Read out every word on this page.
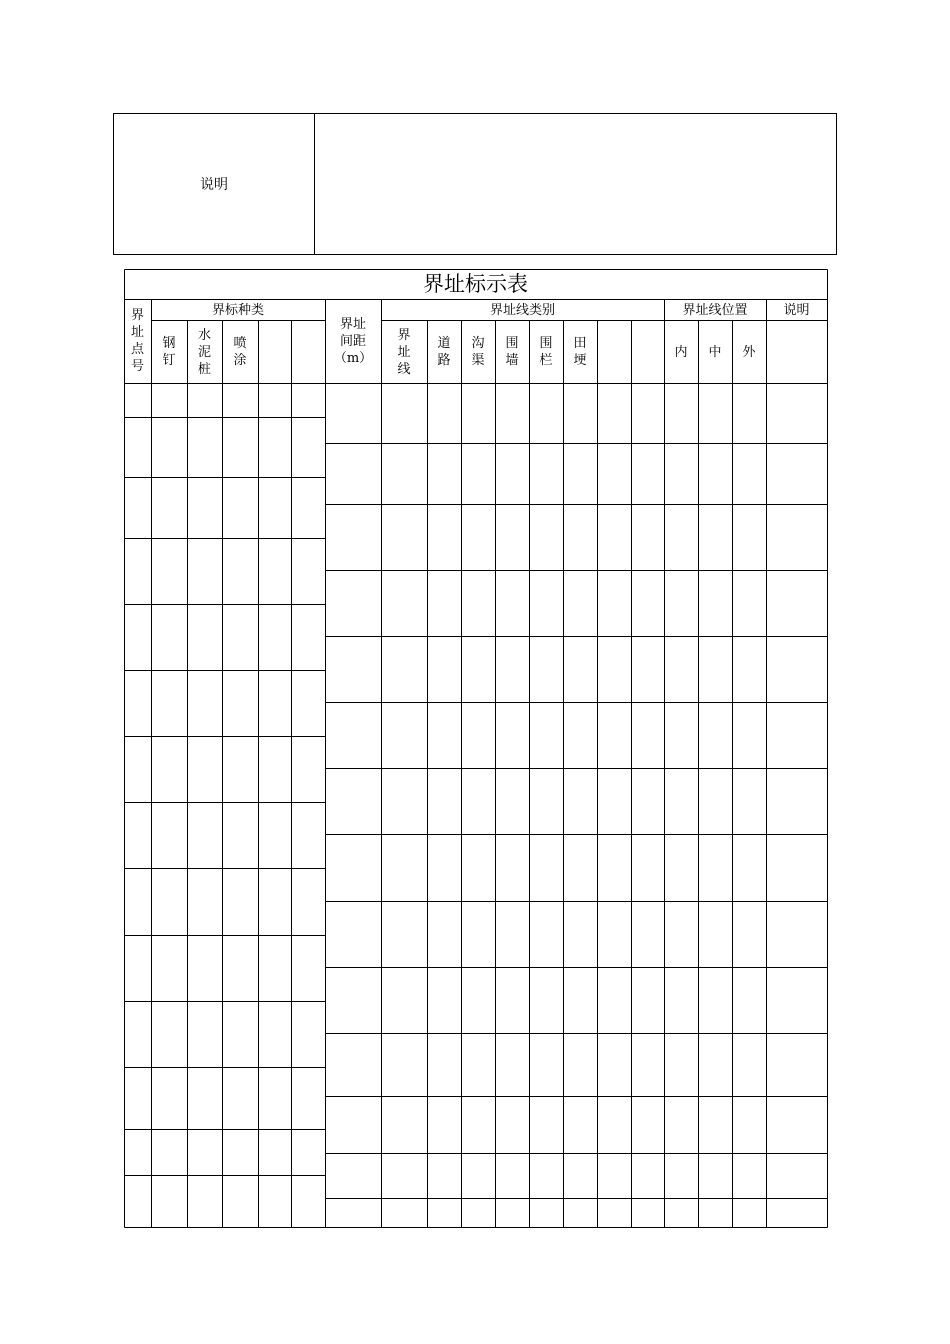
说明
界址标示表
界
址
点
号
界标种类
钢
钉
水
泥
桩
喷
涂
界址
间距
（m）
界址线类别
界
址
线
道
路
沟
渠
围
墙
围
栏
田
埂
界址线位置
内 中 外
说明
